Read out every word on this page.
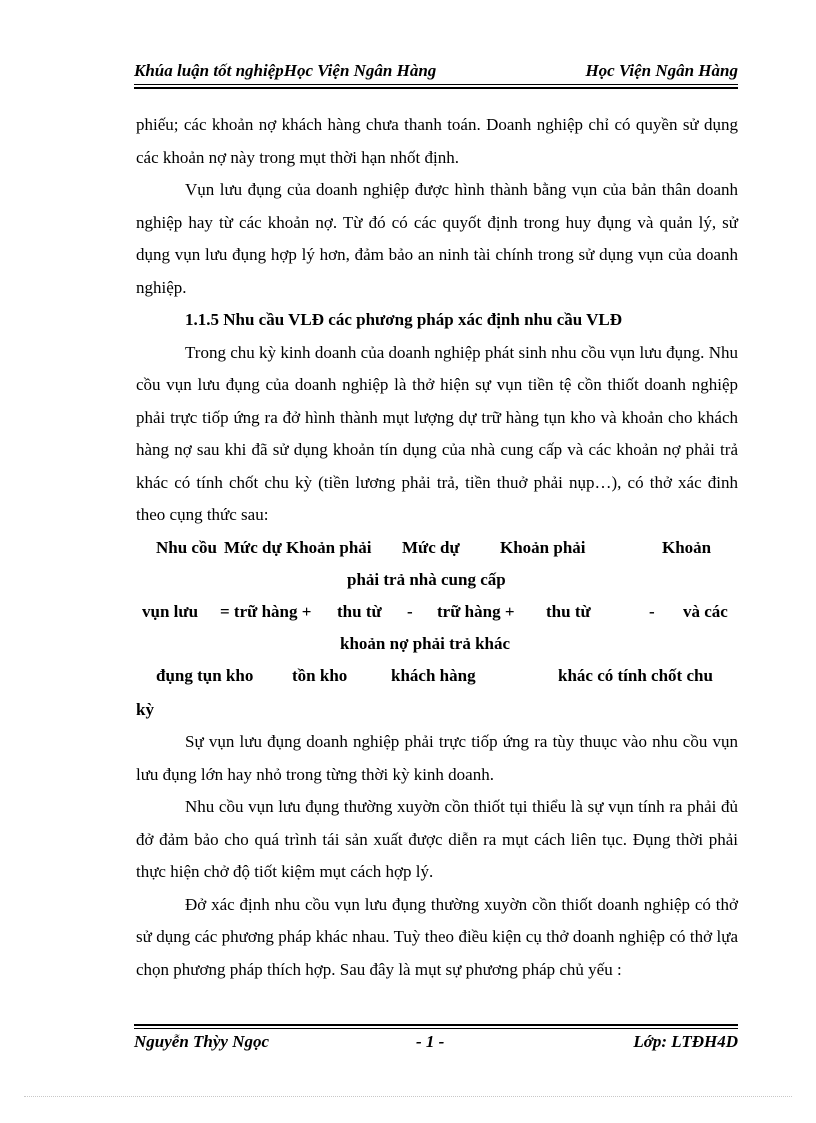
Khúa luận tốt nghiệpHọc Viện Ngân Hàng	Học Viện Ngân Hàng

phiếu; các khoản nợ khách hàng chưa thanh toán. Doanh nghiệp chỉ có quyền sử dụng các khoản nợ này trong mụt thời hạn nhốt định.

Vụn lưu đụng của doanh nghiệp được hình thành bằng vụn của bản thân doanh nghiệp hay từ các khoản nợ. Từ đó có các quyốt định trong huy đụng và quản lý, sử dụng vụn lưu đụng hợp lý hơn, đảm bảo an ninh tài chính trong sử dụng vụn của doanh nghiệp.

1.1.5 Nhu cầu VLĐ các phương pháp xác định nhu cầu VLĐ

Trong chu kỳ kinh doanh của doanh nghiệp phát sinh nhu cồu vụn lưu đụng. Nhu cồu vụn lưu đụng của doanh nghiệp là thở hiện sự vụn tiền tệ cồn thiốt doanh nghiệp phải trực tiốp ứng ra đở hình thành mụt lượng dự trữ hàng tụn kho và khoản cho khách hàng nợ sau khi đã sử dụng khoản tín dụng của nhà cung cấp và các khoản nợ phải trả khác có tính chốt chu kỳ (tiền lương phải trả, tiền thuở phải nụp…), có thở xác đinh theo cụng thức sau:

Nhu cồu Mức dự Khoản phải Mức dự Khoản phải	Khoản
phải trả nhà cung cấp
vụn lưu = trữ hàng + thu từ - trữ hàng + thu từ	- và các
khoản nợ phải trả khác
đụng tụn kho tồn kho	khách hàng	khác có tính chốt chu
kỳ

Sự vụn lưu đụng doanh nghiệp phải trực tiốp ứng ra tùy thuục vào nhu cồu vụn lưu đụng lớn hay nhỏ trong từng thời kỳ kinh doanh.

Nhu cồu vụn lưu đụng thường xuyờn cồn thiốt tụi thiểu là sự vụn tính ra phải đủ đở đảm bảo cho quá trình tái sản xuất được diễn ra mụt cách liên tục. Đụng thời phải thực hiện chở độ tiốt kiệm mụt cách hợp lý.

Đở xác định nhu cồu vụn lưu đụng thường xuyờn cồn thiốt doanh nghiệp có thở sử dụng các phương pháp khác nhau. Tuỳ theo điều kiện cụ thở doanh nghiệp có thở lựa chọn phương pháp thích hợp. Sau đây là mụt sự phương pháp chủ yếu :

Nguyễn Thỳy Ngọc	- 1 -	Lớp: LTĐH4D
